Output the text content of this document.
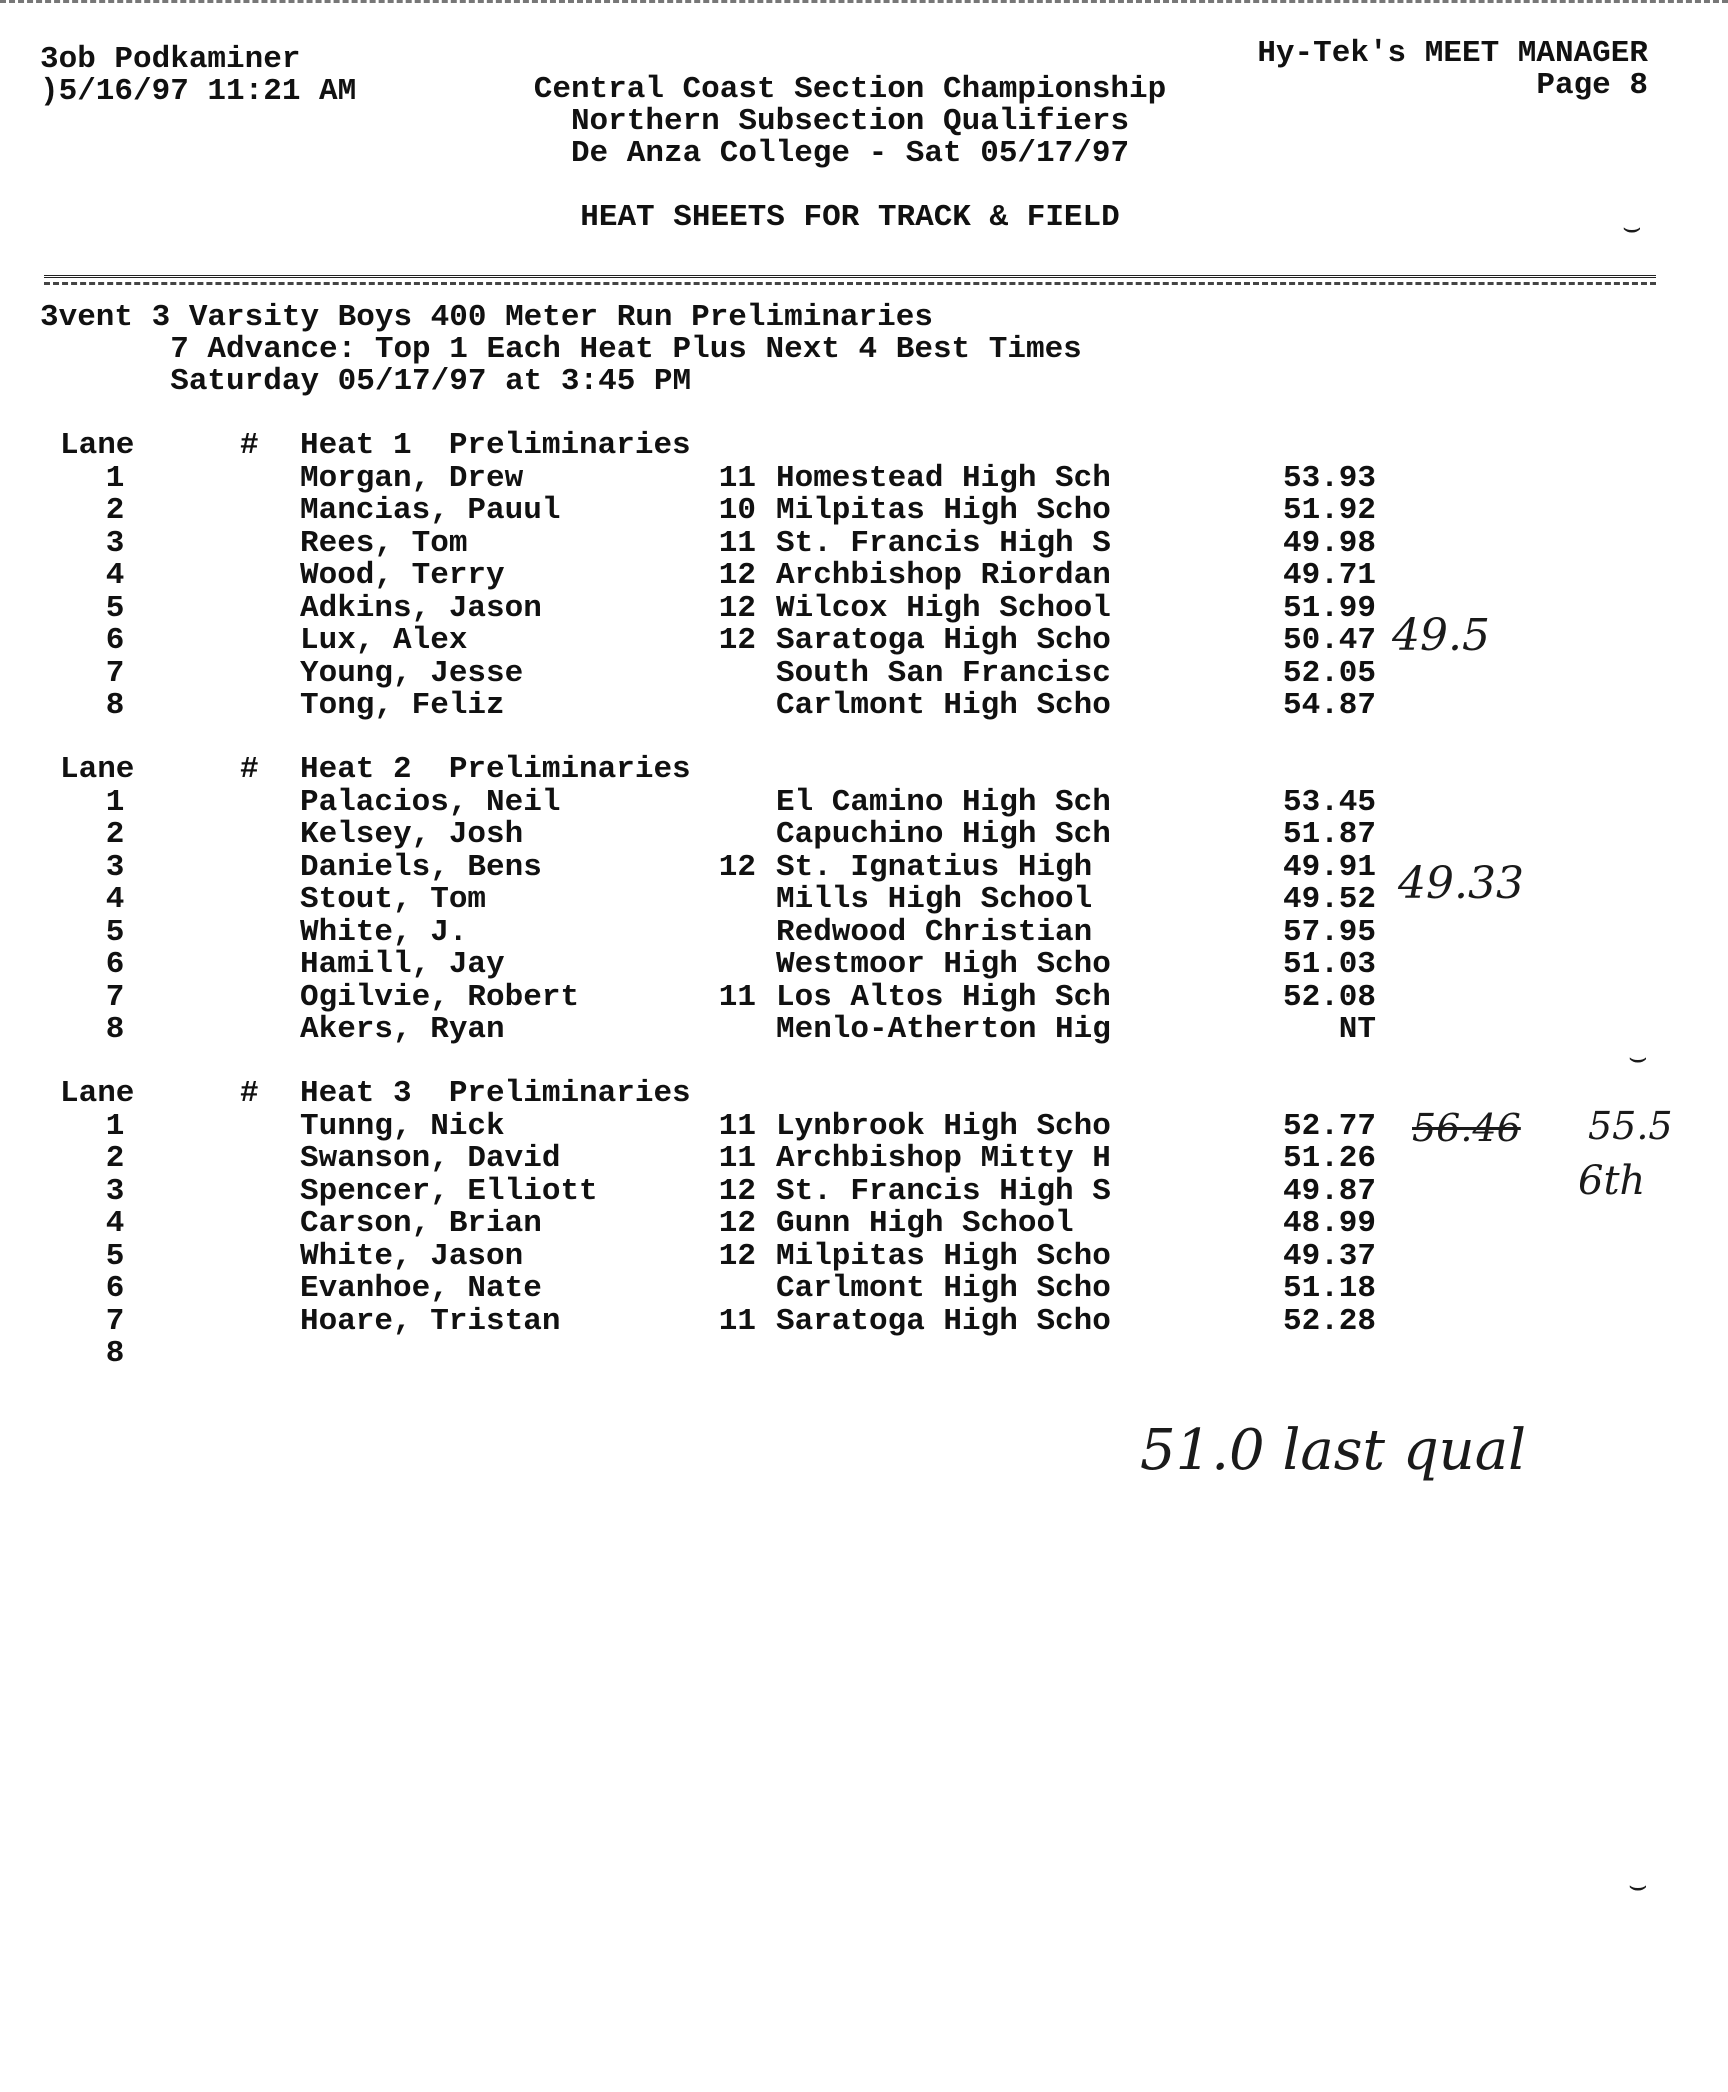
3ob Podkaminer
)5/16/97 11:21 AM	Central Coast Section Championship
Northern Subsection Qualifiers
De Anza College - Sat 05/17/97

HEAT SHEETS FOR TRACK & FIELD
Hy-Tek's MEET MANAGER
Page 8
3vent 3 Varsity Boys 400 Meter Run Preliminaries
7 Advance: Top 1 Each Heat Plus Next 4 Best Times
Saturday 05/17/97 at 3:45 PM
Lane	# Heat 1  Preliminaries
1	Morgan, Drew	11 Homestead High Sch	53.93
2	Mancias, Pauul	10 Milpitas High Scho	51.92
3	Rees, Tom	11 St. Francis High S	49.98
4	Wood, Terry	12 Archbishop Riordan	49.71
5	Adkins, Jason	12 Wilcox High School	51.99
6	Lux, Alex	12 Saratoga High Scho	50.47
7	Young, Jesse	South San Francisc	52.05
8	Tong, Feliz	Carlmont High Scho	54.87
Lane	# Heat 2  Preliminaries
1	Palacios, Neil	El Camino High Sch	53.45
2	Kelsey, Josh	Capuchino High Sch	51.87
3	Daniels, Bens	12 St. Ignatius High	49.91
4	Stout, Tom	Mills High School	49.52
5	White, J.	Redwood Christian	57.95
6	Hamill, Jay	Westmoor High Scho	51.03
7	Ogilvie, Robert	11 Los Altos High Sch	52.08
8	Akers, Ryan	Menlo-Atherton Hig	NT
Lane	# Heat 3  Preliminaries
1	Tunng, Nick	11 Lynbrook High Scho	52.77
2	Swanson, David	11 Archbishop Mitty H	51.26
3	Spencer, Elliott	12 St. Francis High S	49.87
4	Carson, Brian	12 Gunn High School	48.99
5	White, Jason	12 Milpitas High Scho	49.37
6	Evanhoe, Nate	Carlmont High Scho	51.18
7	Hoare, Tristan	11 Saratoga High Scho	52.28
8
49.5
49.33
56.46 55.5
6th
51.0 last qual
⌣
⌣
⌣
